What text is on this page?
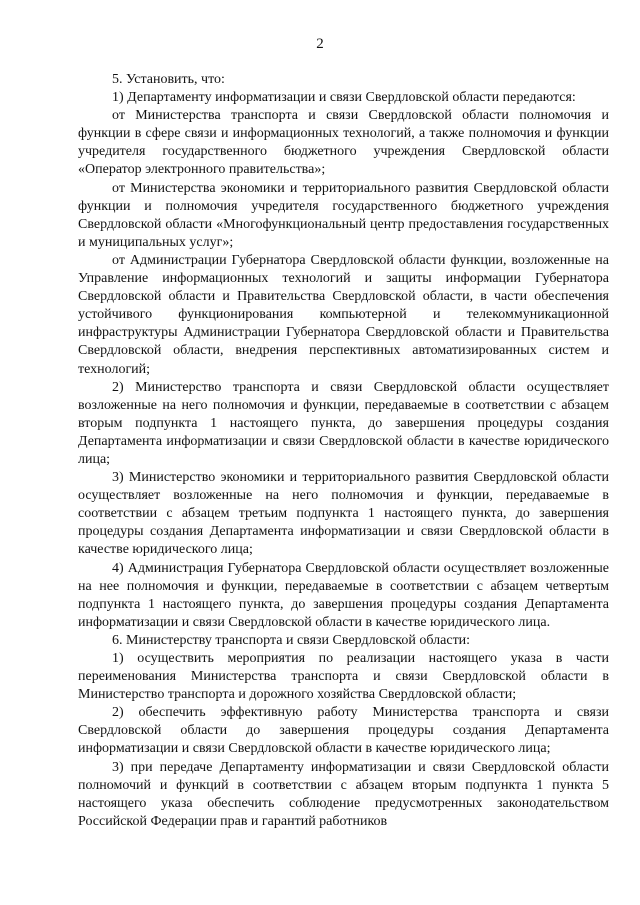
2

5. Установить, что:

1) Департаменту информатизации и связи Свердловской области передаются:

от Министерства транспорта и связи Свердловской области полномочия и функции в сфере связи и информационных технологий, а также полномочия и функции учредителя государственного бюджетного учреждения Свердловской области «Оператор электронного правительства»;

от Министерства экономики и территориального развития Свердловской области функции и полномочия учредителя государственного бюджетного учреждения Свердловской области «Многофункциональный центр предоставления государственных и муниципальных услуг»;

от Администрации Губернатора Свердловской области функции, возложенные на Управление информационных технологий и защиты информации Губернатора Свердловской области и Правительства Свердловской области, в части обеспечения устойчивого функционирования компьютерной и телекоммуникационной инфраструктуры Администрации Губернатора Свердловской области и Правительства Свердловской области, внедрения перспективных автоматизированных систем и технологий;

2) Министерство транспорта и связи Свердловской области осуществляет возложенные на него полномочия и функции, передаваемые в соответствии с абзацем вторым подпункта 1 настоящего пункта, до завершения процедуры создания Департамента информатизации и связи Свердловской области в качестве юридического лица;

3) Министерство экономики и территориального развития Свердловской области осуществляет возложенные на него полномочия и функции, передаваемые в соответствии с абзацем третьим подпункта 1 настоящего пункта, до завершения процедуры создания Департамента информатизации и связи Свердловской области в качестве юридического лица;

4) Администрация Губернатора Свердловской области осуществляет возложенные на нее полномочия и функции, передаваемые в соответствии с абзацем четвертым подпункта 1 настоящего пункта, до завершения процедуры создания Департамента информатизации и связи Свердловской области в качестве юридического лица.

6. Министерству транспорта и связи Свердловской области:

1) осуществить мероприятия по реализации настоящего указа в части переименования Министерства транспорта и связи Свердловской области в Министерство транспорта и дорожного хозяйства Свердловской области;

2) обеспечить эффективную работу Министерства транспорта и связи Свердловской области до завершения процедуры создания Департамента информатизации и связи Свердловской области в качестве юридического лица;

3) при передаче Департаменту информатизации и связи Свердловской области полномочий и функций в соответствии с абзацем вторым подпункта 1 пункта 5 настоящего указа обеспечить соблюдение предусмотренных законодательством Российской Федерации прав и гарантий работников
